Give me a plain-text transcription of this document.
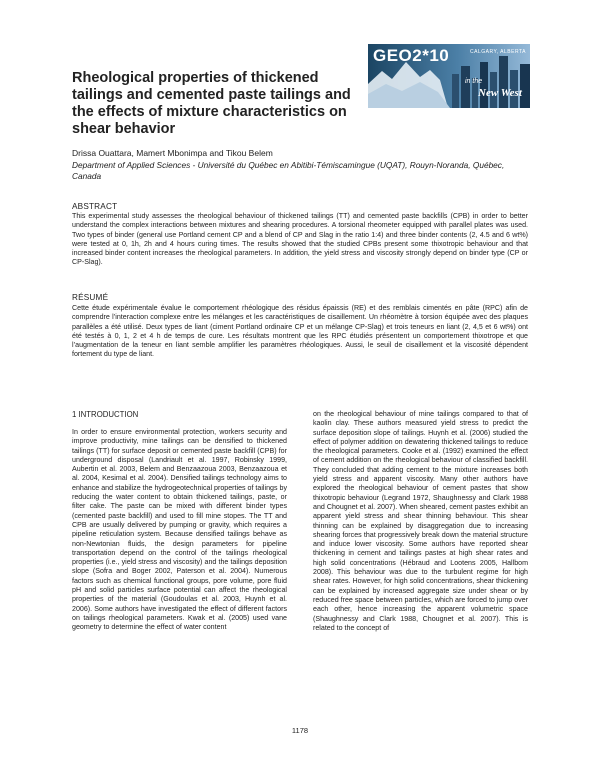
Rheological properties of thickened tailings and cemented paste tailings and the effects of mixture characteristics on shear behavior
GEO2*10	CALGARY, ALBERTA
in the
New West

Drissa Ouattara, Mamert Mbonimpa and Tikou Belem

Department of Applied Sciences - Université du Québec en Abitibi-Témiscamingue (UQAT), Rouyn-Noranda, Québec, Canada

ABSTRACT

This experimental study assesses the rheological behaviour of thickened tailings (TT) and cemented paste backfills (CPB) in order to better understand the complex interactions between mixtures and shearing procedures. A torsional rheometer equipped with parallel plates was used. Two types of binder (general use Portland cement CP and a blend of CP and Slag in the ratio 1:4) and three binder contents (2, 4.5 and 6 wt%) were tested at 0, 1h, 2h and 4 hours curing times. The results showed that the studied CPBs present some thixotropic behaviour and that increased binder content increases the rheological parameters. In addition, the yield stress and viscosity strongly depend on binder type (CP or CP-Slag).

RÉSUMÉ

Cette étude expérimentale évalue le comportement rhéologique des résidus épaissis (RE) et des remblais cimentés en pâte (RPC) afin de comprendre l’interaction complexe entre les mélanges et les caractéristiques de cisaillement. Un rhéomètre à torsion équipée avec des plaques parallèles a été utilisé. Deux types de liant (ciment Portland ordinaire CP et un mélange CP-Slag) et trois teneurs en liant (2, 4,5 et 6 wt%) ont été testés à 0, 1, 2 et 4 h de temps de cure. Les résultats montrent que les RPC étudiés présentent un comportement thixotrope et que l’augmentation de la teneur en liant semble amplifier les paramètres rhéologiques. Aussi, le seuil de cisaillement et la viscosité dépendent fortement du type de liant.

1 INTRODUCTION

In order to ensure environmental protection, workers security and improve productivity, mine tailings can be densified to thickened tailings (TT) for surface deposit or cemented paste backfill (CPB) for underground disposal (Landriault et al. 1997, Robinsky 1999, Aubertin et al. 2003, Belem and Benzaazoua 2003, Benzaazoua et al. 2004, Kesimal et al. 2004). Densified tailings technology aims to enhance and stabilize the hydrogeotechnical properties of tailings by reducing the water content to obtain thickened tailings, paste, or filter cake. The paste can be mixed with different binder types (cemented paste backfill) and used to fill mine stopes. The TT and CPB are usually delivered by pumping or gravity, which requires a pipeline reticulation system. Because densified tailings behave as non-Newtonian fluids, the design parameters for pipeline transportation depend on the control of the tailings rheological properties (i.e., yield stress and viscosity) and the tailings deposition slope (Sofra and Boger 2002, Paterson et al. 2004). Numerous factors such as chemical functional groups, pore volume, pore fluid pH and solid particles surface potential can affect the rheological properties of the material (Goudoulas et al. 2003, Huynh et al. 2006). Some authors have investigated the effect of different factors on tailings rheological parameters. Kwak et al. (2005) used vane geometry to determine the effect of water content

on the rheological behaviour of mine tailings compared to that of kaolin clay. These authors measured yield stress to predict the surface deposition slope of tailings. Huynh et al. (2006) studied the effect of polymer addition on dewatering thickened tailings to reduce the rheological parameters. Cooke et al. (1992) examined the effect of cement addition on the rheological behaviour of classified backfill. They concluded that adding cement to the mixture increases both yield stress and apparent viscosity. Many other authors have explored the rheological behaviour of cement pastes that show thixotropic behaviour (Legrand 1972, Shaughnessy and Clark 1988 and Chougnet et al. 2007). When sheared, cement pastes exhibit an apparent yield stress and shear thinning behaviour. This shear thinning can be explained by disaggregation due to increasing shearing forces that progressively break down the material structure and induce lower viscosity. Some authors have reported shear thickening in cement and tailings pastes at high shear rates and high solid concentrations (Hébraud and Lootens 2005, Hallbom 2008). This behaviour was due to the turbulent regime for high shear rates. However, for high solid concentrations, shear thickening can be explained by increased aggregate size under shear or by reduced free space between particles, which are forced to jump over each other, hence increasing the apparent volumetric space (Shaughnessy and Clark 1988, Chougnet et al. 2007). This is related to the concept of

1178
